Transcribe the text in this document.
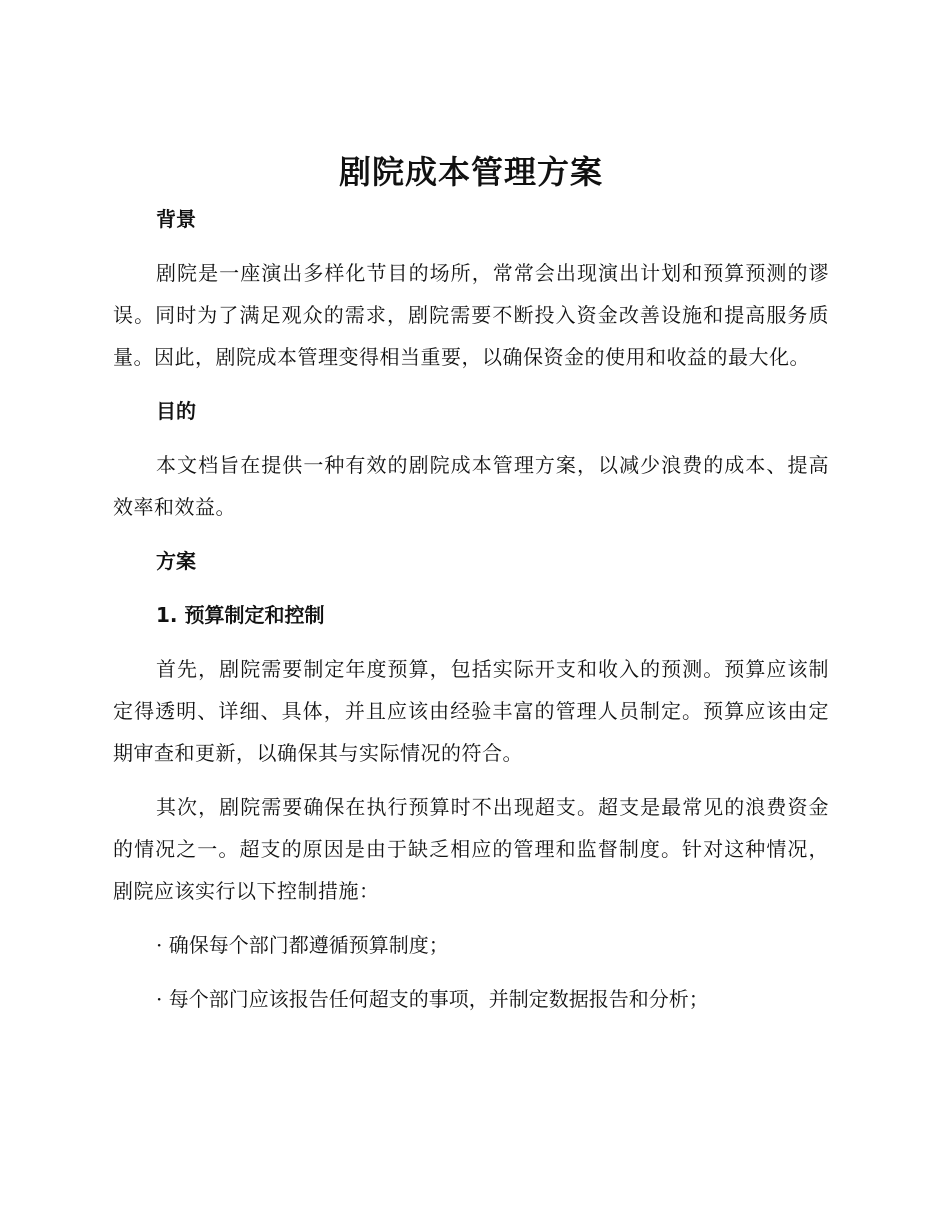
剧院成本管理方案
背景

剧院是一座演出多样化节目的场所，常常会出现演出计划和预算预测的谬误。同时为了满足观众的需求，剧院需要不断投入资金改善设施和提高服务质量。因此，剧院成本管理变得相当重要，以确保资金的使用和收益的最大化。

目的

本文档旨在提供一种有效的剧院成本管理方案，以减少浪费的成本、提高效率和效益。

方案
1. 预算制定和控制

首先，剧院需要制定年度预算，包括实际开支和收入的预测。预算应该制定得透明、详细、具体，并且应该由经验丰富的管理人员制定。预算应该由定期审查和更新，以确保其与实际情况的符合。

其次，剧院需要确保在执行预算时不出现超支。超支是最常见的浪费资金的情况之一。超支的原因是由于缺乏相应的管理和监督制度。针对这种情况，剧院应该实行以下控制措施：

· 确保每个部门都遵循预算制度；
· 每个部门应该报告任何超支的事项，并制定数据报告和分析；
